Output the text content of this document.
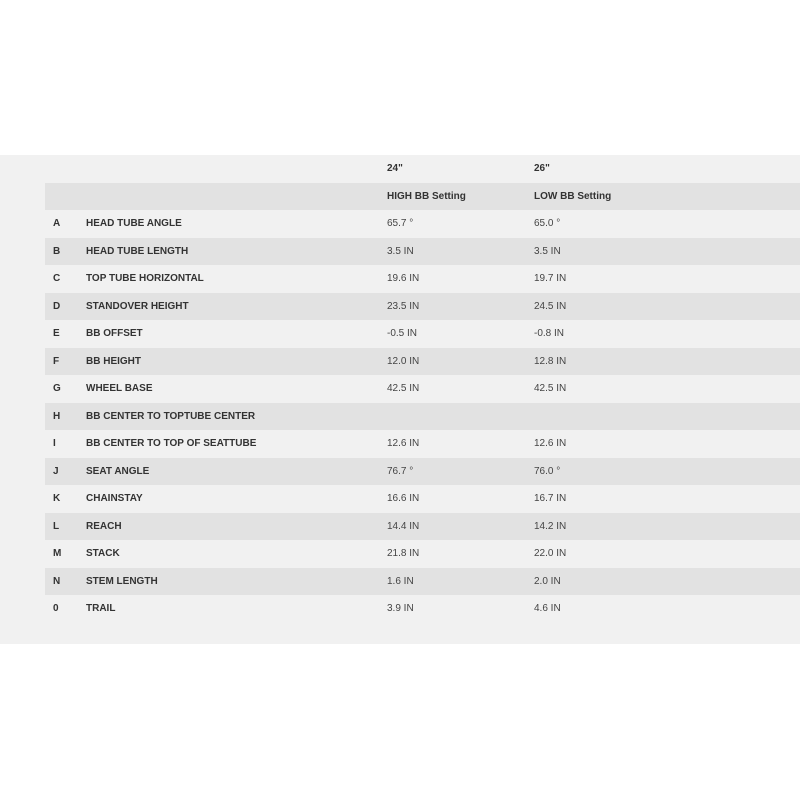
		24"	26"
		HIGH BB Setting	LOW BB Setting
A	HEAD TUBE ANGLE	65.7 °	65.0 °
B	HEAD TUBE LENGTH	3.5 IN	3.5 IN
C	TOP TUBE HORIZONTAL	19.6 IN	19.7 IN
D	STANDOVER HEIGHT	23.5 IN	24.5 IN
E	BB OFFSET	-0.5 IN	-0.8 IN
F	BB HEIGHT	12.0 IN	12.8 IN
G	WHEEL BASE	42.5 IN	42.5 IN
H	BB CENTER TO TOPTUBE CENTER		
I	BB CENTER TO TOP OF SEATTUBE	12.6 IN	12.6 IN
J	SEAT ANGLE	76.7 °	76.0 °
K	CHAINSTAY	16.6 IN	16.7 IN
L	REACH	14.4 IN	14.2 IN
M	STACK	21.8 IN	22.0 IN
N	STEM LENGTH	1.6 IN	2.0 IN
0	TRAIL	3.9 IN	4.6 IN
